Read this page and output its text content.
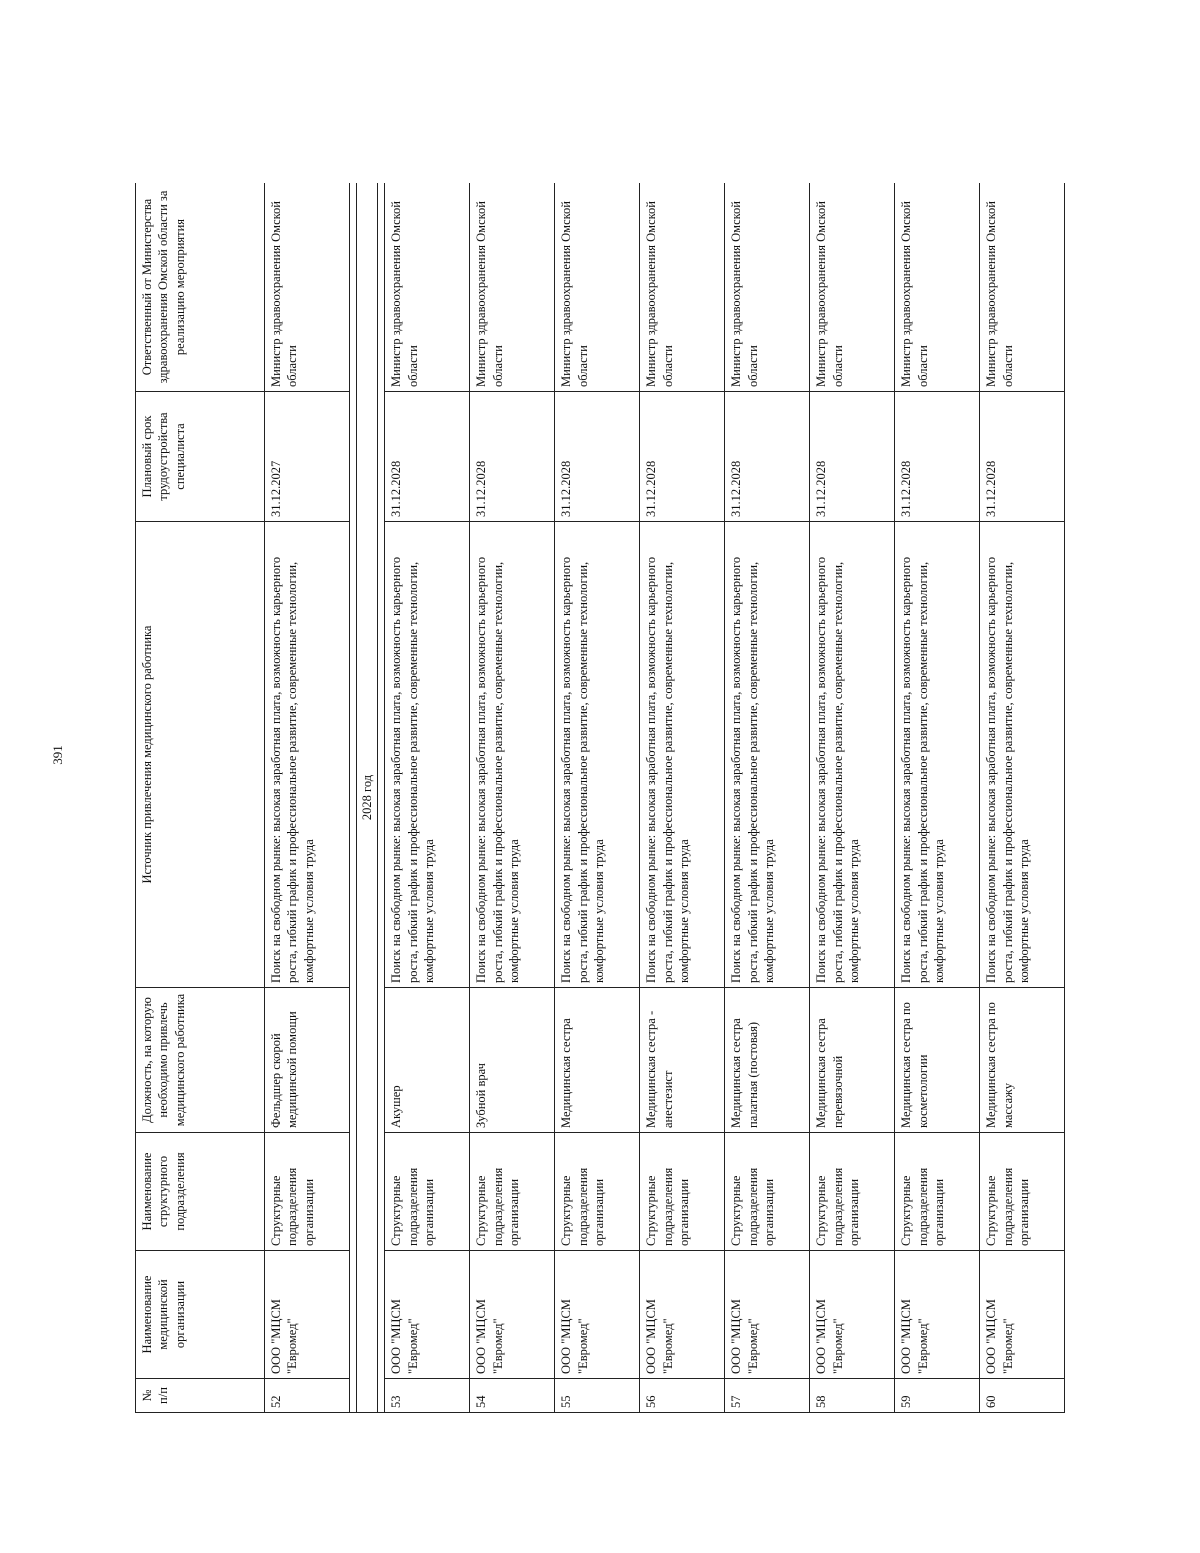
391
№ п/п	Наименование медицинской организации	Наименование структурного подразделения	Должность, на которую необходимо привлечь медицинского работника	Источник привлечения медицинского работника	Плановый срок трудоустройства специалиста	Ответственный от Министерства здравоохранения Омской области за реализацию мероприятия
52	ООО "МЦСМ "Евромед"	Структурные подразделения организации	Фельдшер скорой медицинской помощи	Поиск на свободном рынке: высокая заработная плата, возможность карьерного роста, гибкий график и профессиональное развитие, современные технологии, комфортные условия труда	31.12.2027	Министр здравоохранения Омской области

2028 год						

53	ООО "МЦСМ "Евромед"	Структурные подразделения организации	Акушер	Поиск на свободном рынке: высокая заработная плата, возможность карьерного роста, гибкий график и профессиональное развитие, современные технологии, комфортные условия труда	31.12.2028	Министр здравоохранения Омской области
54	ООО "МЦСМ "Евромед"	Структурные подразделения организации	Зубной врач	Поиск на свободном рынке: высокая заработная плата, возможность карьерного роста, гибкий график и профессиональное развитие, современные технологии, комфортные условия труда	31.12.2028	Министр здравоохранения Омской области
55	ООО "МЦСМ "Евромед"	Структурные подразделения организации	Медицинская сестра	Поиск на свободном рынке: высокая заработная плата, возможность карьерного роста, гибкий график и профессиональное развитие, современные технологии, комфортные условия труда	31.12.2028	Министр здравоохранения Омской области
56	ООО "МЦСМ "Евромед"	Структурные подразделения организации	Медицинская сестра - анестезист	Поиск на свободном рынке: высокая заработная плата, возможность карьерного роста, гибкий график и профессиональное развитие, современные технологии, комфортные условия труда	31.12.2028	Министр здравоохранения Омской области
57	ООО "МЦСМ "Евромед"	Структурные подразделения организации	Медицинская сестра палатная (постовая)	Поиск на свободном рынке: высокая заработная плата, возможность карьерного роста, гибкий график и профессиональное развитие, современные технологии, комфортные условия труда	31.12.2028	Министр здравоохранения Омской области
58	ООО "МЦСМ "Евромед"	Структурные подразделения организации	Медицинская сестра перевязочной	Поиск на свободном рынке: высокая заработная плата, возможность карьерного роста, гибкий график и профессиональное развитие, современные технологии, комфортные условия труда	31.12.2028	Министр здравоохранения Омской области
59	ООО "МЦСМ "Евромед"	Структурные подразделения организации	Медицинская сестра по косметологии	Поиск на свободном рынке: высокая заработная плата, возможность карьерного роста, гибкий график и профессиональное развитие, современные технологии, комфортные условия труда	31.12.2028	Министр здравоохранения Омской области
60	ООО "МЦСМ "Евромед"	Структурные подразделения организации	Медицинская сестра по массажу	Поиск на свободном рынке: высокая заработная плата, возможность карьерного роста, гибкий график и профессиональное развитие, современные технологии, комфортные условия труда	31.12.2028	Министр здравоохранения Омской области
